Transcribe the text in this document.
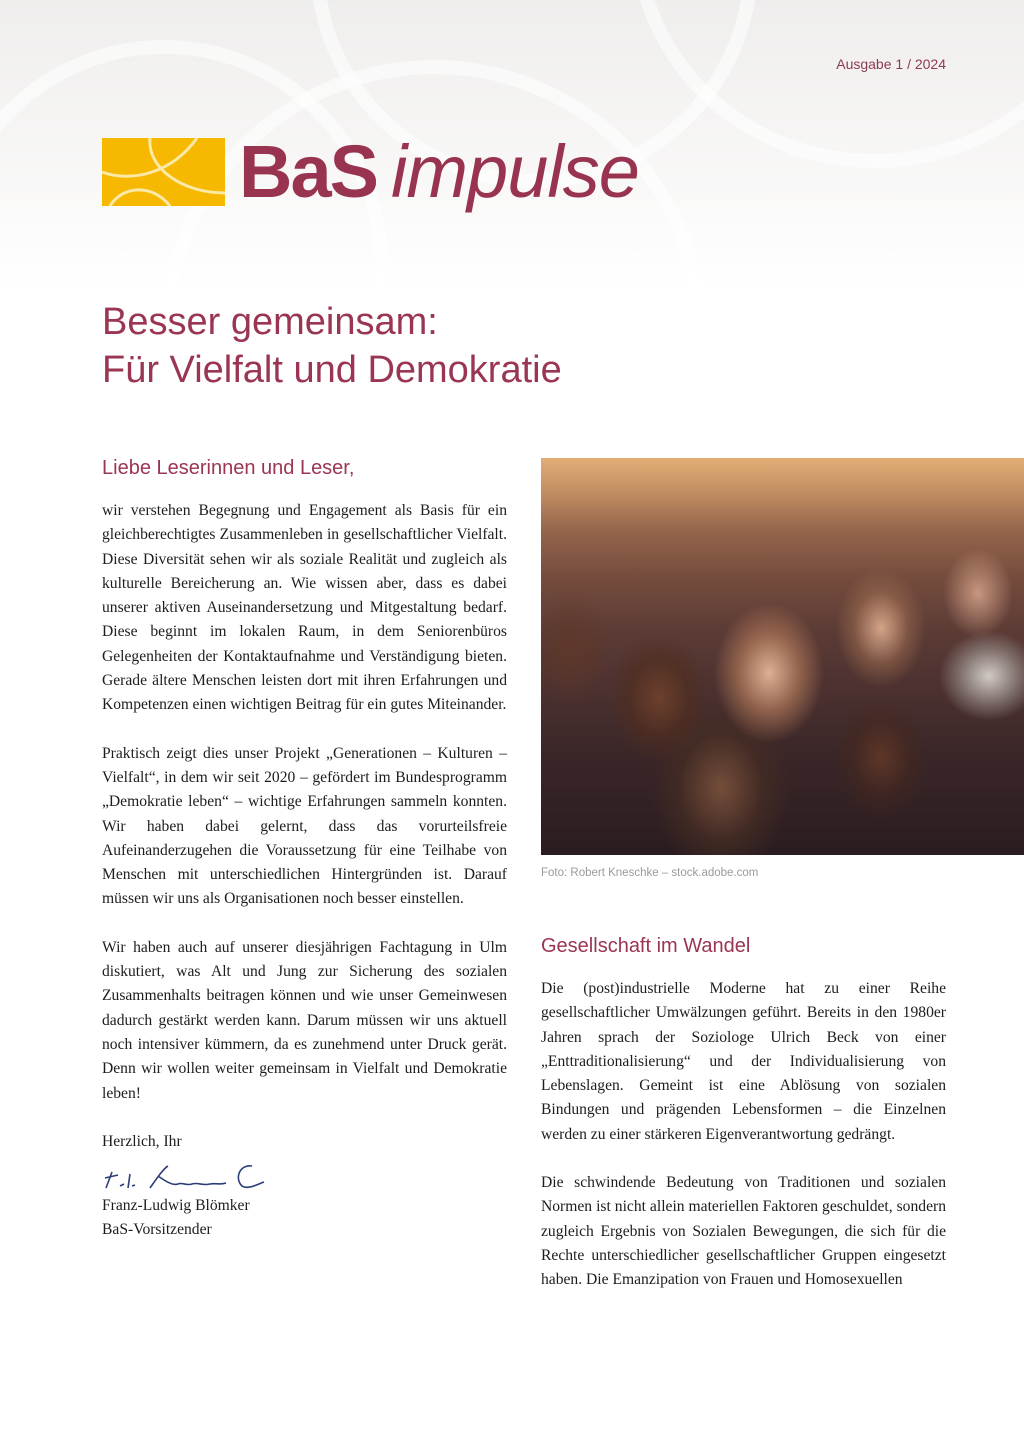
Ausgabe 1 / 2024
BaS impulse
Besser gemeinsam:
Für Vielfalt und Demokratie
Liebe Leserinnen und Leser,

wir verstehen Begegnung und Engagement als Basis für ein gleichberechtigtes Zusammenleben in gesellschaftlicher Vielfalt. Diese Diversität sehen wir als soziale Realität und zugleich als kulturelle Bereicherung an. Wie wissen aber, dass es dabei unserer aktiven Auseinandersetzung und Mitgestaltung bedarf. Diese beginnt im lokalen Raum, in dem Seniorenbüros Gelegenheiten der Kontaktaufnahme und Verständigung bieten. Gerade ältere Menschen leisten dort mit ihren Erfahrungen und Kompetenzen einen wichtigen Beitrag für ein gutes Miteinander.

Praktisch zeigt dies unser Projekt „Generationen – Kulturen – Vielfalt“, in dem wir seit 2020 – gefördert im Bundesprogramm „Demokratie leben“ – wichtige Erfahrungen sammeln konnten. Wir haben dabei gelernt, dass das vorurteilsfreie Aufeinanderzugehen die Voraussetzung für eine Teilhabe von Menschen mit unterschiedlichen Hintergründen ist. Darauf müssen wir uns als Organisationen noch besser einstellen.

Wir haben auch auf unserer diesjährigen Fachtagung in Ulm diskutiert, was Alt und Jung zur Sicherung des sozialen Zusammenhalts beitragen können und wie unser Gemeinwesen dadurch gestärkt werden kann. Darum müssen wir uns aktuell noch intensiver kümmern, da es zunehmend unter Druck gerät. Denn wir wollen weiter gemeinsam in Vielfalt und Demokratie leben!

Herzlich, Ihr

Franz-Ludwig Blömker

BaS-Vorsitzender

Foto: Robert Kneschke – stock.adobe.com

Gesellschaft im Wandel

Die (post)industrielle Moderne hat zu einer Reihe gesellschaftlicher Umwälzungen geführt. Bereits in den 1980er Jahren sprach der Soziologe Ulrich Beck von einer „Enttraditionalisierung“ und der Individualisierung von Lebenslagen. Gemeint ist eine Ablösung von sozialen Bindungen und prägenden Lebensformen – die Einzelnen werden zu einer stärkeren Eigenverantwortung gedrängt.

Die schwindende Bedeutung von Traditionen und sozialen Normen ist nicht allein materiellen Faktoren geschuldet, sondern zugleich Ergebnis von Sozialen Bewegungen, die sich für die Rechte unterschiedlicher gesellschaftlicher Gruppen eingesetzt haben. Die Emanzipation von Frauen und Homosexuellen
